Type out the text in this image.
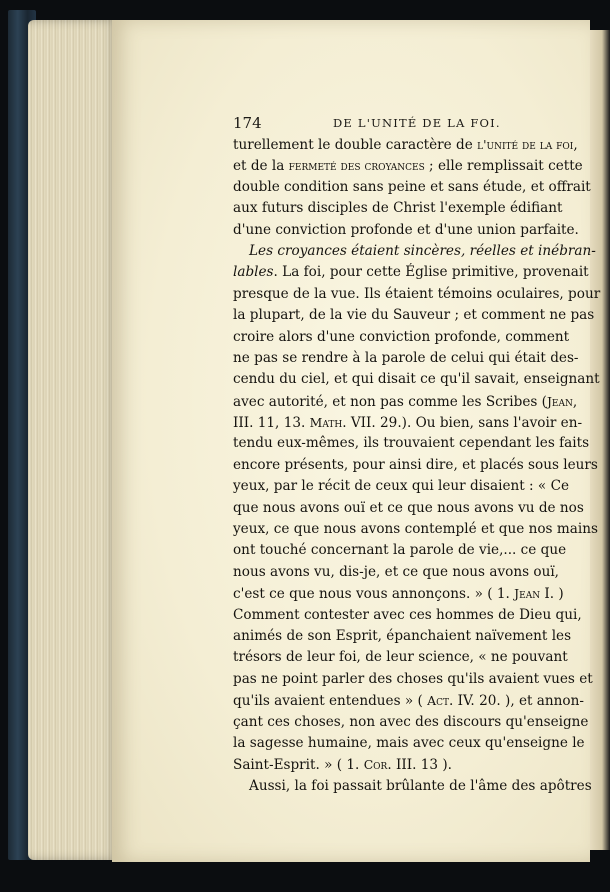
174	DE L'UNITÉ DE LA FOI.
turellement le double caractère de l'unité de la foi,
et de la fermeté des croyances ; elle remplissait cette
double condition sans peine et sans étude, et offrait
aux futurs disciples de Christ l'exemple édifiant
d'une conviction profonde et d'une union parfaite.
Les croyances étaient sincères, réelles et inébran-
lables. La foi, pour cette Église primitive, provenait
presque de la vue. Ils étaient témoins oculaires, pour
la plupart, de la vie du Sauveur ; et comment ne pas
croire alors d'une conviction profonde, comment
ne pas se rendre à la parole de celui qui était des-
cendu du ciel, et qui disait ce qu'il savait, enseignant
avec autorité, et non pas comme les Scribes (Jean,
III. 11, 13. Math. VII. 29.). Ou bien, sans l'avoir en-
tendu eux-mêmes, ils trouvaient cependant les faits
encore présents, pour ainsi dire, et placés sous leurs
yeux, par le récit de ceux qui leur disaient : « Ce
que nous avons ouï et ce que nous avons vu de nos
yeux, ce que nous avons contemplé et que nos mains
ont touché concernant la parole de vie,... ce que
nous avons vu, dis-je, et ce que nous avons ouï,
c'est ce que nous vous annonçons. » ( 1. Jean I. )
Comment contester avec ces hommes de Dieu qui,
animés de son Esprit, épanchaient naïvement les
trésors de leur foi, de leur science, « ne pouvant
pas ne point parler des choses qu'ils avaient vues et
qu'ils avaient entendues » ( Act. IV. 20. ), et annon-
çant ces choses, non avec des discours qu'enseigne
la sagesse humaine, mais avec ceux qu'enseigne le
Saint-Esprit. » ( 1. Cor. III. 13 ).
Aussi, la foi passait brûlante de l'âme des apôtres
